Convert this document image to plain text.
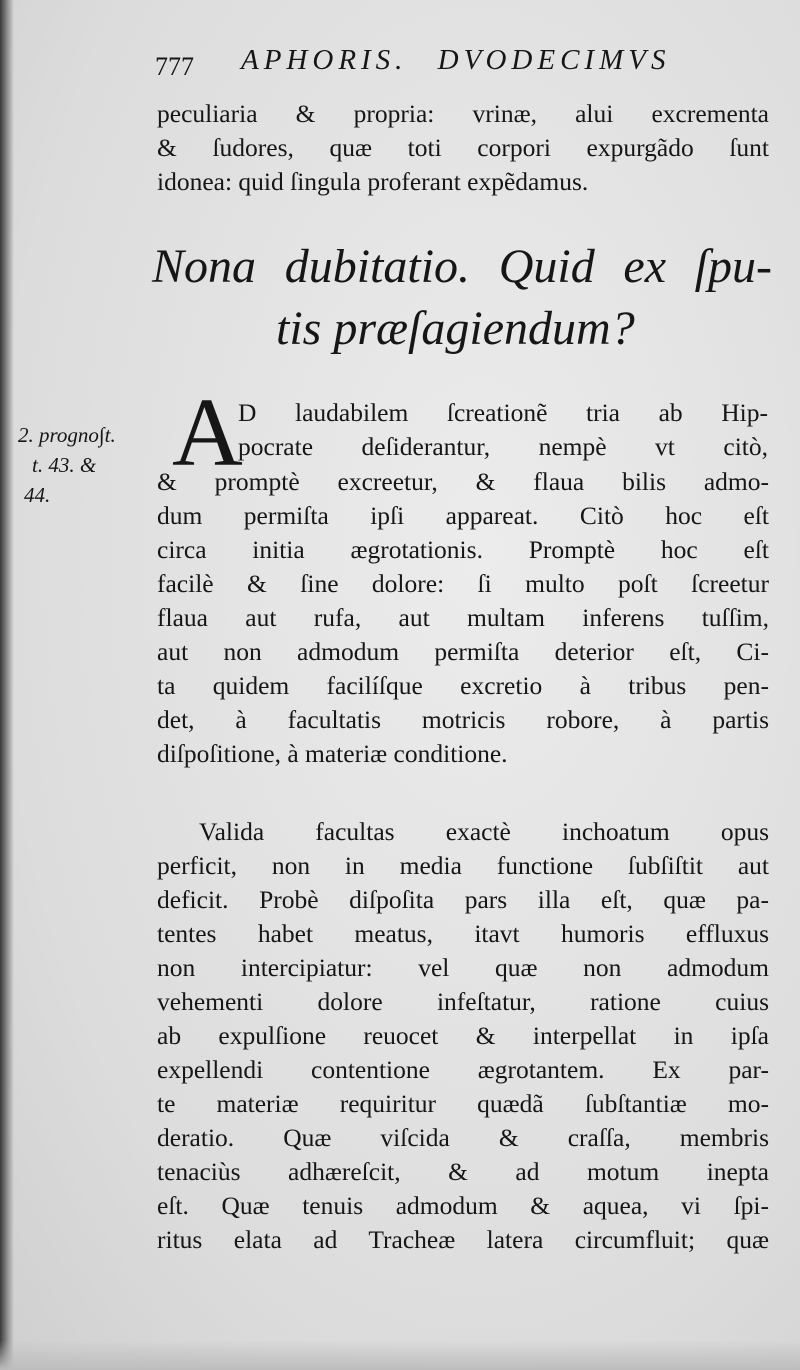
777 APHORIS. DVODECIMVS
peculiaria & propria: vrinæ, alui excrementa
& ſudores, quæ toti corpori expurgãdo ſunt
idonea: quid ſingula proferant expẽdamus.
Nona dubitatio. Quid ex ſpu-
tis præſagiendum?
2. progno∫t.
t. 43. &
44.
A
D laudabilem ſcreationẽ tria ab Hip-
pocrate deſiderantur, nempè vt citò,
& promptè excreetur, & flaua bilis admo-
dum permiſta ipſi appareat. Citò hoc eſt
circa initia ægrotationis. Promptè hoc eſt
facilè & ſine dolore: ſi multo poſt ſcreetur
flaua aut rufa, aut multam inferens tuſſim,
aut non admodum permiſta deterior eſt, Ci-
ta quidem facilíſque excretio à tribus pen-
det, à facultatis motricis robore, à partis
diſpoſitione, à materiæ conditione.
Valida facultas exactè inchoatum opus
perficit, non in media functione ſubſiſtit aut
deficit. Probè diſpoſita pars illa eſt, quæ pa-
tentes habet meatus, itavt humoris effluxus
non intercipiatur: vel quæ non admodum
vehementi dolore infeſtatur, ratione cuius
ab expulſione reuocet & interpellat in ipſa
expellendi contentione ægrotantem. Ex par-
te materiæ requiritur quædã ſubſtantiæ mo-
deratio. Quæ viſcida & craſſa, membris
tenaciùs adhæreſcit, & ad motum inepta
eſt. Quæ tenuis admodum & aquea, vi ſpi-
ritus elata ad Tracheæ latera circumfluit; quæ
